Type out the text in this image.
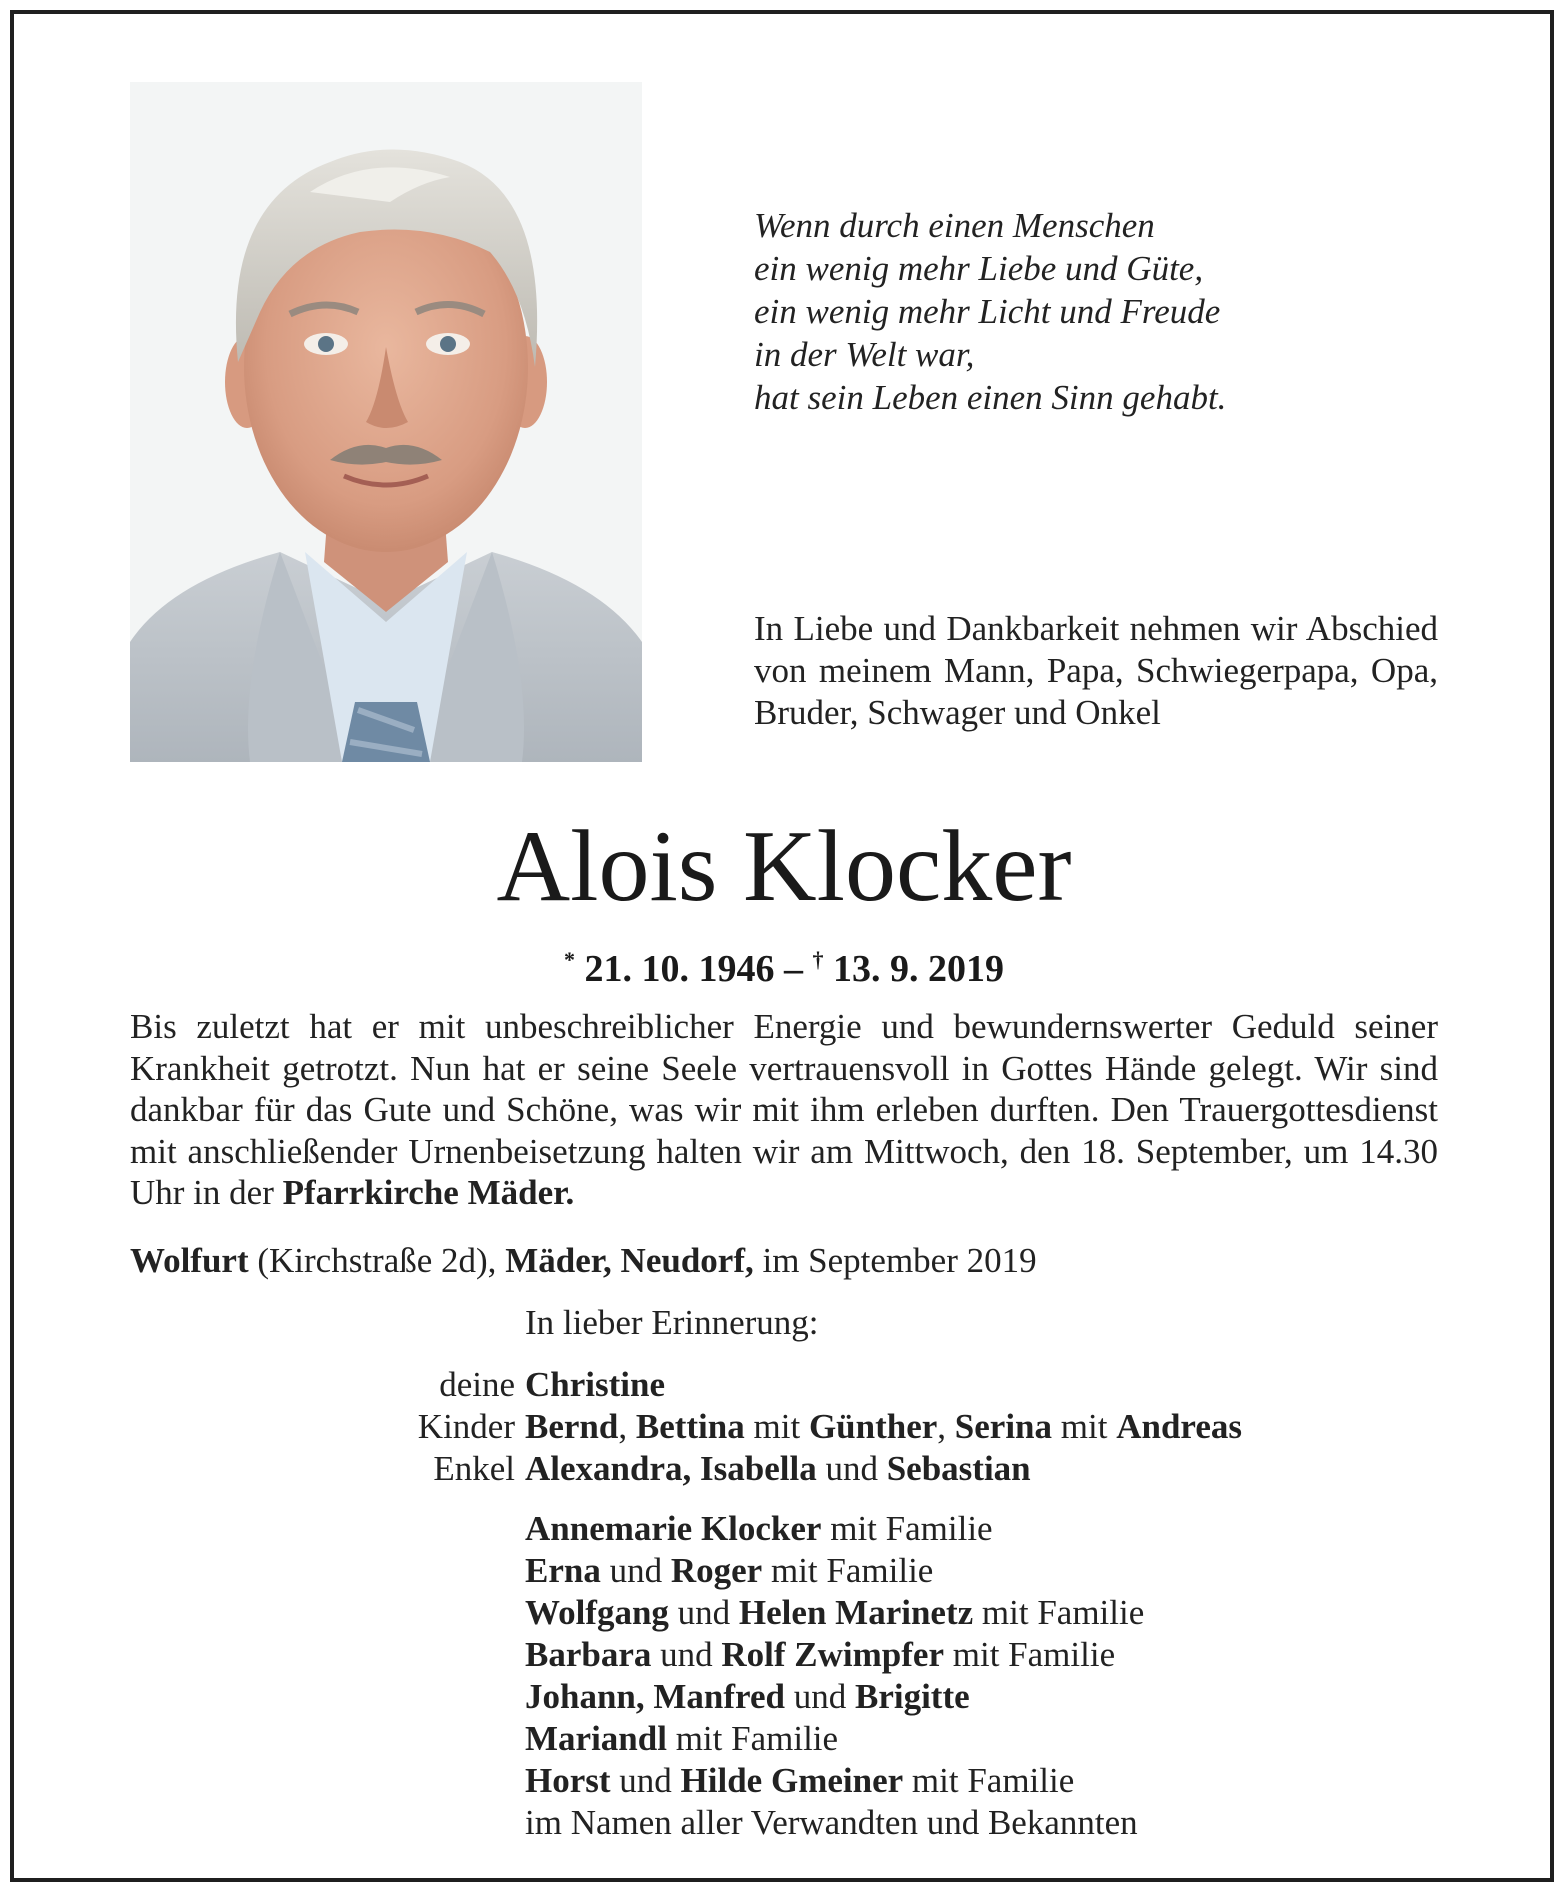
Wenn durch einen Menschen
ein wenig mehr Liebe und Güte,
ein wenig mehr Licht und Freude
in der Welt war,
hat sein Leben einen Sinn gehabt.
In Liebe und Dankbarkeit nehmen wir Abschied von meinem Mann, Papa, Schwiegerpapa, Opa, Bruder, Schwager und Onkel
Alois Klocker
* 21. 10. 1946 – † 13. 9. 2019
Bis zuletzt hat er mit unbeschreiblicher Energie und bewundernswerter Geduld seiner Krankheit getrotzt. Nun hat er seine Seele vertrauensvoll in Gottes Hände gelegt. Wir sind dankbar für das Gute und Schöne, was wir mit ihm erleben durften. Den Trauergottesdienst mit anschließender Urnenbeisetzung halten wir am Mittwoch, den 18. September, um 14.30 Uhr in der Pfarrkirche Mäder.
Wolfurt (Kirchstraße 2d), Mäder, Neudorf, im September 2019
In lieber Erinnerung:
deine Christine
Kinder Bernd, Bettina mit Günther, Serina mit Andreas
Enkel Alexandra, Isabella und Sebastian
Annemarie Klocker mit Familie
Erna und Roger mit Familie
Wolfgang und Helen Marinetz mit Familie
Barbara und Rolf Zwimpfer mit Familie
Johann, Manfred und Brigitte
Mariandl mit Familie
Horst und Hilde Gmeiner mit Familie
im Namen aller Verwandten und Bekannten
